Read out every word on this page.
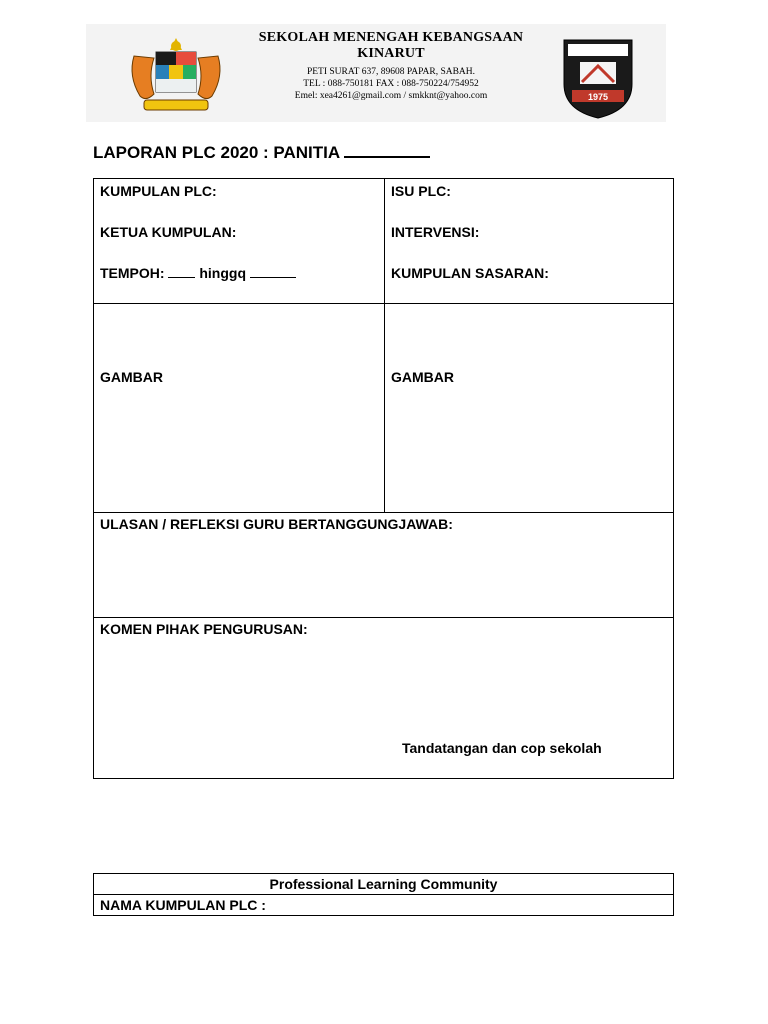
SEKOLAH MENENGAH KEBANGSAAN KINARUT

PETI SURAT 637, 89608 PAPAR, SABAH.

TEL : 088-750181 FAX : 088-750224/754952

Emel: xea4261@gmail.com / smkknt@yahoo.com	1975
LAPORAN PLC 2020 : PANITIA
KUMPULAN PLC:
KETUA KUMPULAN:
TEMPOH: hinggq
ISU PLC:
INTERVENSI:
KUMPULAN SASARAN:
GAMBAR	GAMBAR
ULASAN / REFLEKSI GURU BERTANGGUNGJAWAB:
KOMEN PIHAK PENGURUSAN:
Tandatangan dan cop sekolah
Professional Learning Community
NAMA KUMPULAN PLC :
